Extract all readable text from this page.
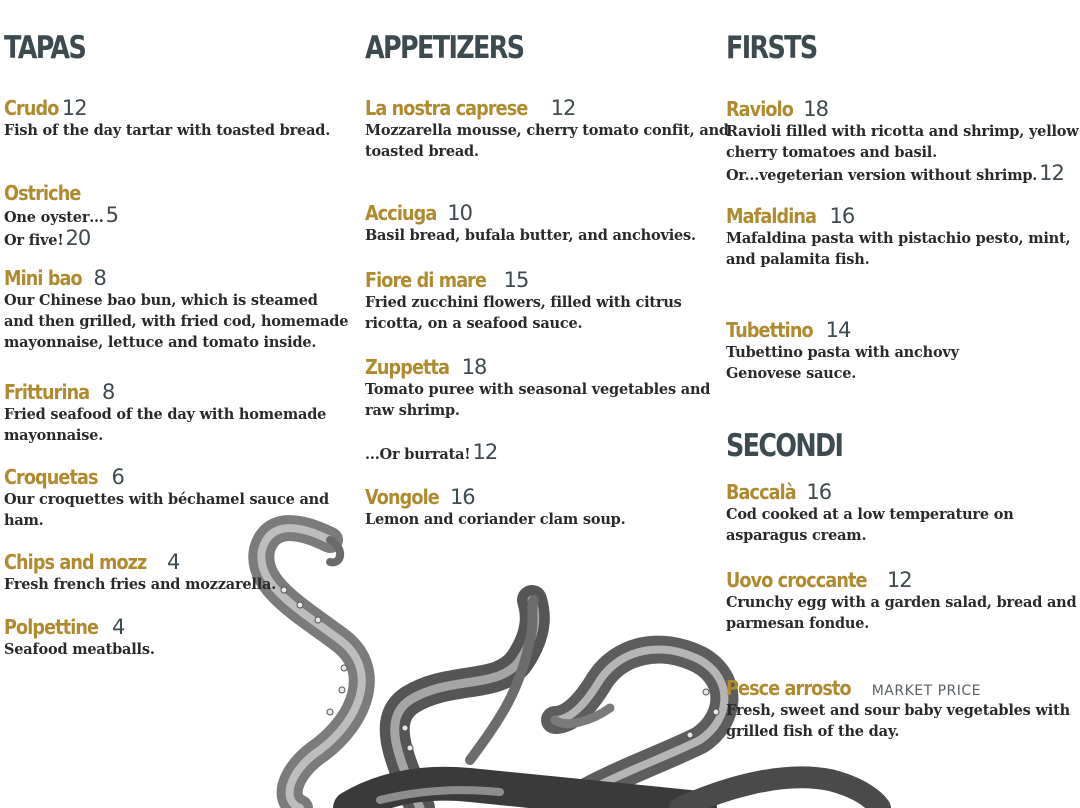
TAPAS
Crudo 12
Fish of the day tartar with toasted bread.
Ostriche
One oyster…5
Or five!20
Mini bao 8
Our Chinese bao bun, which is steamed
and then grilled, with fried cod, homemade
mayonnaise, lettuce and tomato inside.
Fritturina 8
Fried seafood of the day with homemade
mayonnaise.
Croquetas 6
Our croquettes with béchamel sauce and
ham.
Chips and mozz 4
Fresh french fries and mozzarella.
Polpettine 4
Seafood meatballs.
APPETIZERS
La nostra caprese 12
Mozzarella mousse, cherry tomato confit, and
toasted bread.
Acciuga 10
Basil bread, bufala butter, and anchovies.
Fiore di mare 15
Fried zucchini flowers, filled with citrus
ricotta, on a seafood sauce.
Zuppetta 18
Tomato puree with seasonal vegetables and
raw shrimp.
...Or burrata!12
Vongole 16
Lemon and coriander clam soup.
FIRSTS
Raviolo 18
Ravioli filled with ricotta and shrimp, yellow
cherry tomatoes and basil.
Or...vegeterian version without shrimp.12
Mafaldina 16
Mafaldina pasta with pistachio pesto, mint,
and palamita fish.
Tubettino 14
Tubettino pasta with anchovy
Genovese sauce.
SECONDI
Baccalà 16
Cod cooked at a low temperature on
asparagus cream.
Uovo croccante 12
Crunchy egg with a garden salad, bread and
parmesan fondue.
Pesce arrosto MARKET PRICE
Fresh, sweet and sour baby vegetables with
grilled fish of the day.
